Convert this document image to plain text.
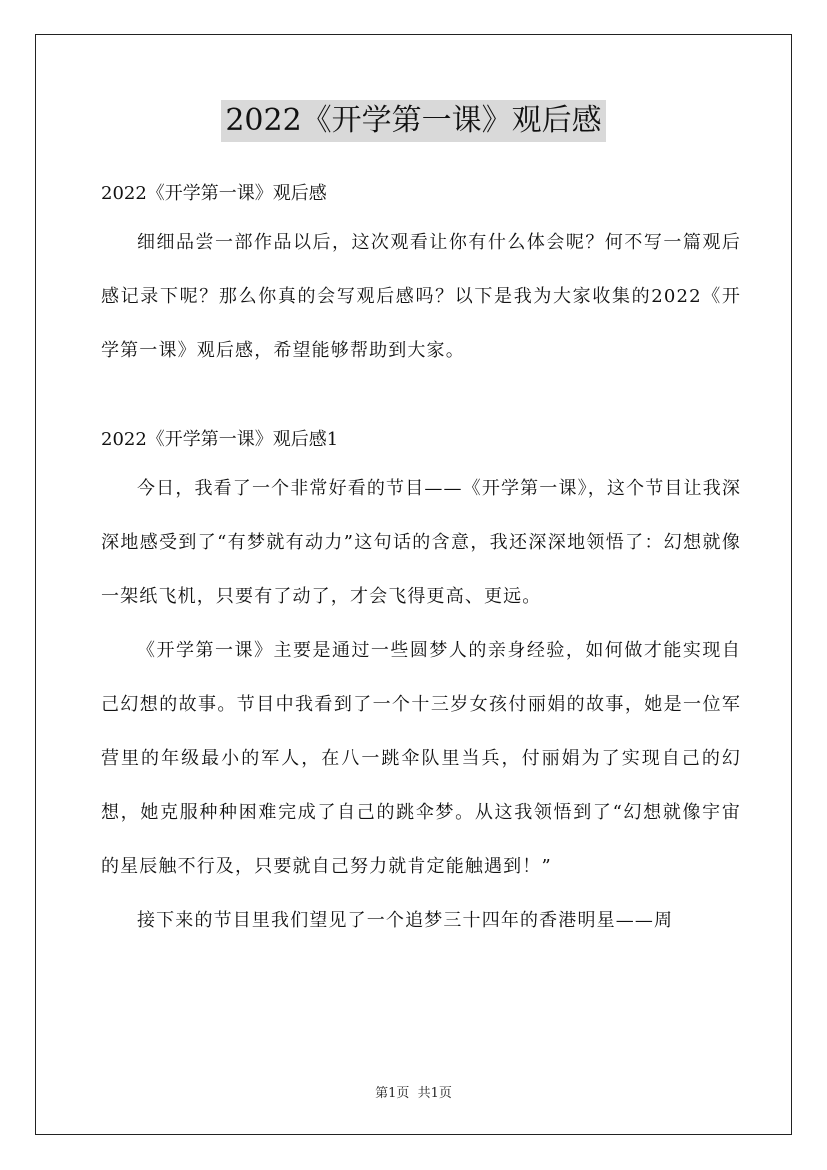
2022《开学第一课》观后感

2022《开学第一课》观后感

细细品尝一部作品以后，这次观看让你有什么体会呢？何不写一篇观后感记录下呢？那么你真的会写观后感吗？以下是我为大家收集的2022《开学第一课》观后感，希望能够帮助到大家。

2022《开学第一课》观后感1

今日，我看了一个非常好看的节目——《开学第一课》，这个节目让我深深地感受到了“有梦就有动力”这句话的含意，我还深深地领悟了：幻想就像一架纸飞机，只要有了动了，才会飞得更高、更远。

《开学第一课》主要是通过一些圆梦人的亲身经验，如何做才能实现自己幻想的故事。节目中我看到了一个十三岁女孩付丽娟的故事，她是一位军营里的年级最小的军人，在八一跳伞队里当兵，付丽娟为了实现自己的幻想，她克服种种困难完成了自己的跳伞梦。从这我领悟到了“幻想就像宇宙的星辰触不行及，只要就自己努力就肯定能触遇到！”

接下来的节目里我们望见了一个追梦三十四年的香港明星——周

第1页  共1页
